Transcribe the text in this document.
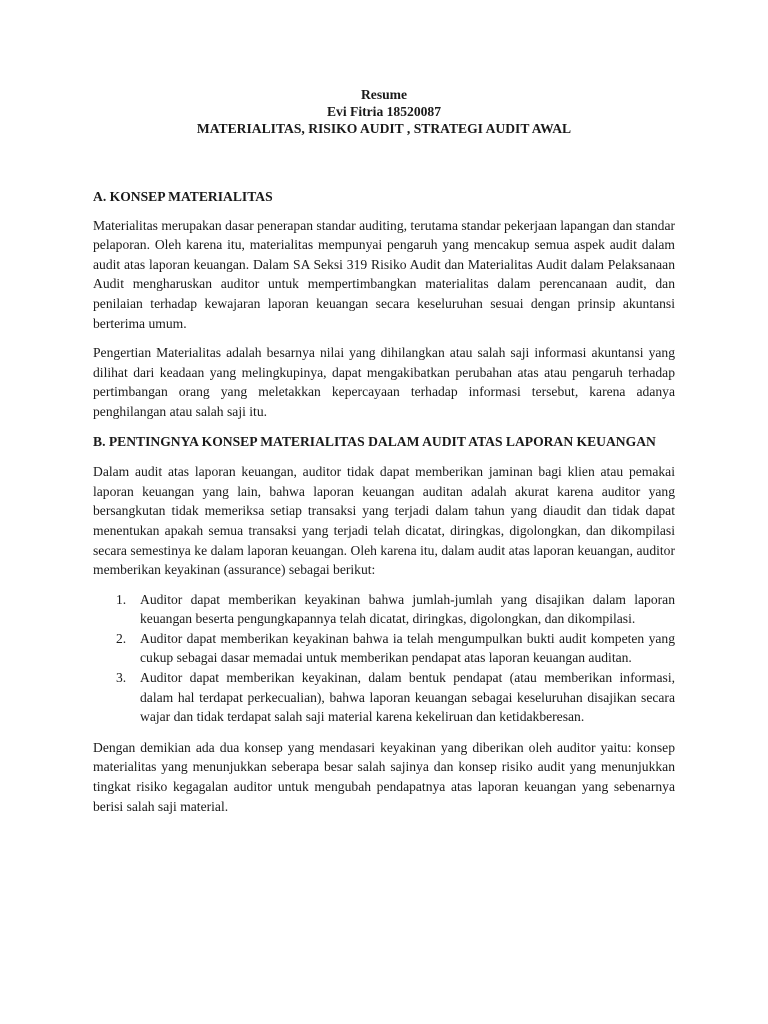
Resume
Evi Fitria 18520087
MATERIALITAS, RISIKO AUDIT , STRATEGI AUDIT AWAL
A. KONSEP MATERIALITAS

Materialitas merupakan dasar penerapan standar auditing, terutama standar pekerjaan lapangan dan standar pelaporan. Oleh karena itu, materialitas mempunyai pengaruh yang mencakup semua aspek audit dalam audit atas laporan keuangan. Dalam SA Seksi 319 Risiko Audit dan Materialitas Audit dalam Pelaksanaan Audit mengharuskan auditor untuk mempertimbangkan materialitas dalam perencanaan audit, dan penilaian terhadap kewajaran laporan keuangan secara keseluruhan sesuai dengan prinsip akuntansi berterima umum.

Pengertian Materialitas adalah besarnya nilai yang dihilangkan atau salah saji informasi akuntansi yang dilihat dari keadaan yang melingkupinya, dapat mengakibatkan perubahan atas atau pengaruh terhadap pertimbangan orang yang meletakkan kepercayaan terhadap informasi tersebut, karena adanya penghilangan atau salah saji itu.

B. PENTINGNYA KONSEP MATERIALITAS DALAM AUDIT ATAS LAPORAN KEUANGAN

Dalam audit atas laporan keuangan, auditor tidak dapat memberikan jaminan bagi klien atau pemakai laporan keuangan yang lain, bahwa laporan keuangan auditan adalah akurat karena auditor yang bersangkutan tidak memeriksa setiap transaksi yang terjadi dalam tahun yang diaudit dan tidak dapat menentukan apakah semua transaksi yang terjadi telah dicatat, diringkas, digolongkan, dan dikompilasi secara semestinya ke dalam laporan keuangan. Oleh karena itu, dalam audit atas laporan keuangan, auditor memberikan keyakinan (assurance) sebagai berikut:

1. Auditor dapat memberikan keyakinan bahwa jumlah-jumlah yang disajikan dalam laporan keuangan beserta pengungkapannya telah dicatat, diringkas, digolongkan, dan dikompilasi.
2. Auditor dapat memberikan keyakinan bahwa ia telah mengumpulkan bukti audit kompeten yang cukup sebagai dasar memadai untuk memberikan pendapat atas laporan keuangan auditan.
3. Auditor dapat memberikan keyakinan, dalam bentuk pendapat (atau memberikan informasi, dalam hal terdapat perkecualian), bahwa laporan keuangan sebagai keseluruhan disajikan secara wajar dan tidak terdapat salah saji material karena kekeliruan dan ketidakberesan.

Dengan demikian ada dua konsep yang mendasari keyakinan yang diberikan oleh auditor yaitu: konsep materialitas yang menunjukkan seberapa besar salah sajinya dan konsep risiko audit yang menunjukkan tingkat risiko kegagalan auditor untuk mengubah pendapatnya atas laporan keuangan yang sebenarnya berisi salah saji material.
